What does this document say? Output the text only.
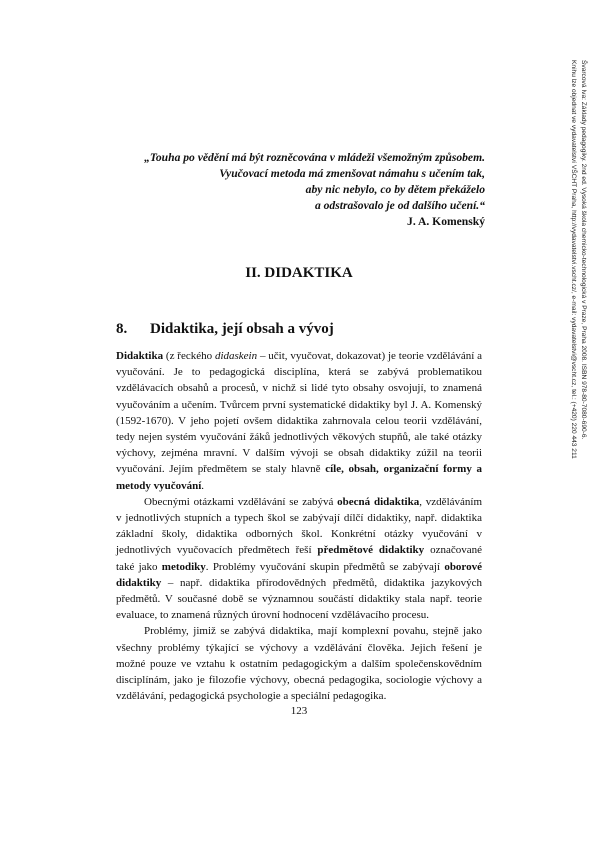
Švarcová Iva: Základy pedagogiky. 2nd ed. Vysoká škola chemicko-technologická v Praze, Praha 2008. ISBN 978-80-7080-690-6.
Knihu lze objednat ve vydavatelství VŠCHT Praha, http://vydavatelstvi.vscht.cz/, e-mail: vydavatelstvi@vscht.cz, tel.: (+420) 220 443 211
„Touha po vědění má být rozněcována v mládeži všemožným způsobem.
Vyučovací metoda má zmenšovat námahu s učením tak,
aby nic nebylo, co by dětem překáželo
a odstrašovalo je od dalšího učení.“
J. A. Komenský
II. DIDAKTIKA
8. Didaktika, její obsah a vývoj

Didaktika (z řeckého didaskein – učit, vyučovat, dokazovat) je teorie vzdělávání a vyučování. Je to pedagogická disciplína, která se zabývá problematikou vzdělávacích obsahů a procesů, v nichž si lidé tyto obsahy osvojují, to znamená vyučováním a učením. Tvůrcem první systematické didaktiky byl J. A. Komenský (1592-1670). V jeho pojetí ovšem didaktika zahrnovala celou teorii vzdělávání, tedy nejen systém vyučování žáků jednotlivých věkových stupňů, ale také otázky výchovy, zejména mravní. V dalším vývoji se obsah didaktiky zúžil na teorii vyučování. Jejím předmětem se staly hlavně cíle, obsah, organizační formy a metody vyučování.

Obecnými otázkami vzdělávání se zabývá obecná didaktika, vzděláváním v jednotlivých stupních a typech škol se zabývají dílčí didaktiky, např. didaktika základní školy, didaktika odborných škol. Konkrétní otázky vyučování v jednotlivých vyučovacích předmětech řeší předmětové didaktiky označované také jako metodiky. Problémy vyučování skupin předmětů se zabývají oborové didaktiky – např. didaktika přírodovědných předmětů, didaktika jazykových předmětů. V současné době se významnou součástí didaktiky stala např. teorie evaluace, to znamená různých úrovní hodnocení vzdělávacího procesu.

Problémy, jimiž se zabývá didaktika, mají komplexní povahu, stejně jako všechny problémy týkající se výchovy a vzdělávání člověka. Jejich řešení je možné pouze ve vztahu k ostatním pedagogickým a dalším společenskovědním disciplínám, jako je filozofie výchovy, obecná pedagogika, sociologie výchovy a vzdělávání, pedagogická psychologie a speciální pedagogika.

123
